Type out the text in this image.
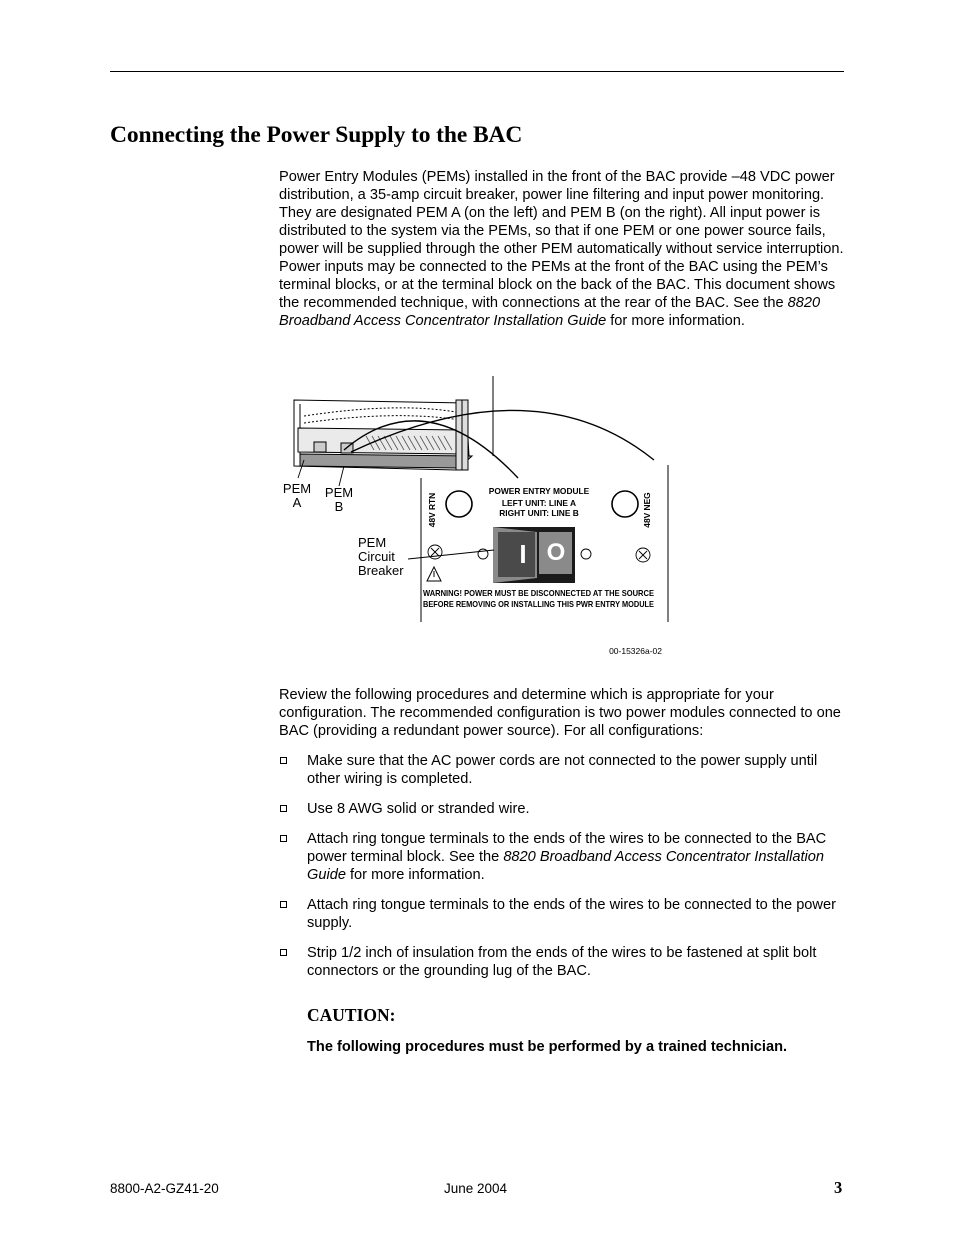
Connecting the Power Supply to the BAC

Power Entry Modules (PEMs) installed in the front of the BAC provide –48 VDC power distribution, a 35-amp circuit breaker, power line filtering and input power monitoring. They are designated PEM A (on the left) and PEM B (on the right). All input power is distributed to the system via the PEMs, so that if one PEM or one power source fails, power will be supplied through the other PEM automatically without service interruption. Power inputs may be connected to the PEMs at the front of the BAC using the PEM’s terminal blocks, or at the terminal block on the back of the BAC. This document shows the recommended technique, with connections at the rear of the BAC. See the 8820 Broadband Access Concentrator Installation Guide for more information.

POWER ENTRY MODULE
LEFT UNIT: LINE A
RIGHT UNIT: LINE B
48V RTN	48V NEG
I O
WARNING! POWER MUST BE DISCONNECTED AT THE SOURCE
BEFORE REMOVING OR INSTALLING THIS PWR ENTRY MODULE
00-15326a-02
PEM
A
PEM
B
PEM
Circuit
Breaker

Review the following procedures and determine which is appropriate for your configuration. The recommended configuration is two power modules connected to one BAC (providing a redundant power source). For all configurations:

Make sure that the AC power cords are not connected to the power supply until other wiring is completed.
Use 8 AWG solid or stranded wire.
Attach ring tongue terminals to the ends of the wires to be connected to the BAC power terminal block. See the 8820 Broadband Access Concentrator Installation Guide for more information.
Attach ring tongue terminals to the ends of the wires to be connected to the power supply.
Strip 1/2 inch of insulation from the ends of the wires to be fastened at split bolt connectors or the grounding lug of the BAC.
CAUTION:

The following procedures must be performed by a trained technician.

8800-A2-GZ41-20	June 2004	3
